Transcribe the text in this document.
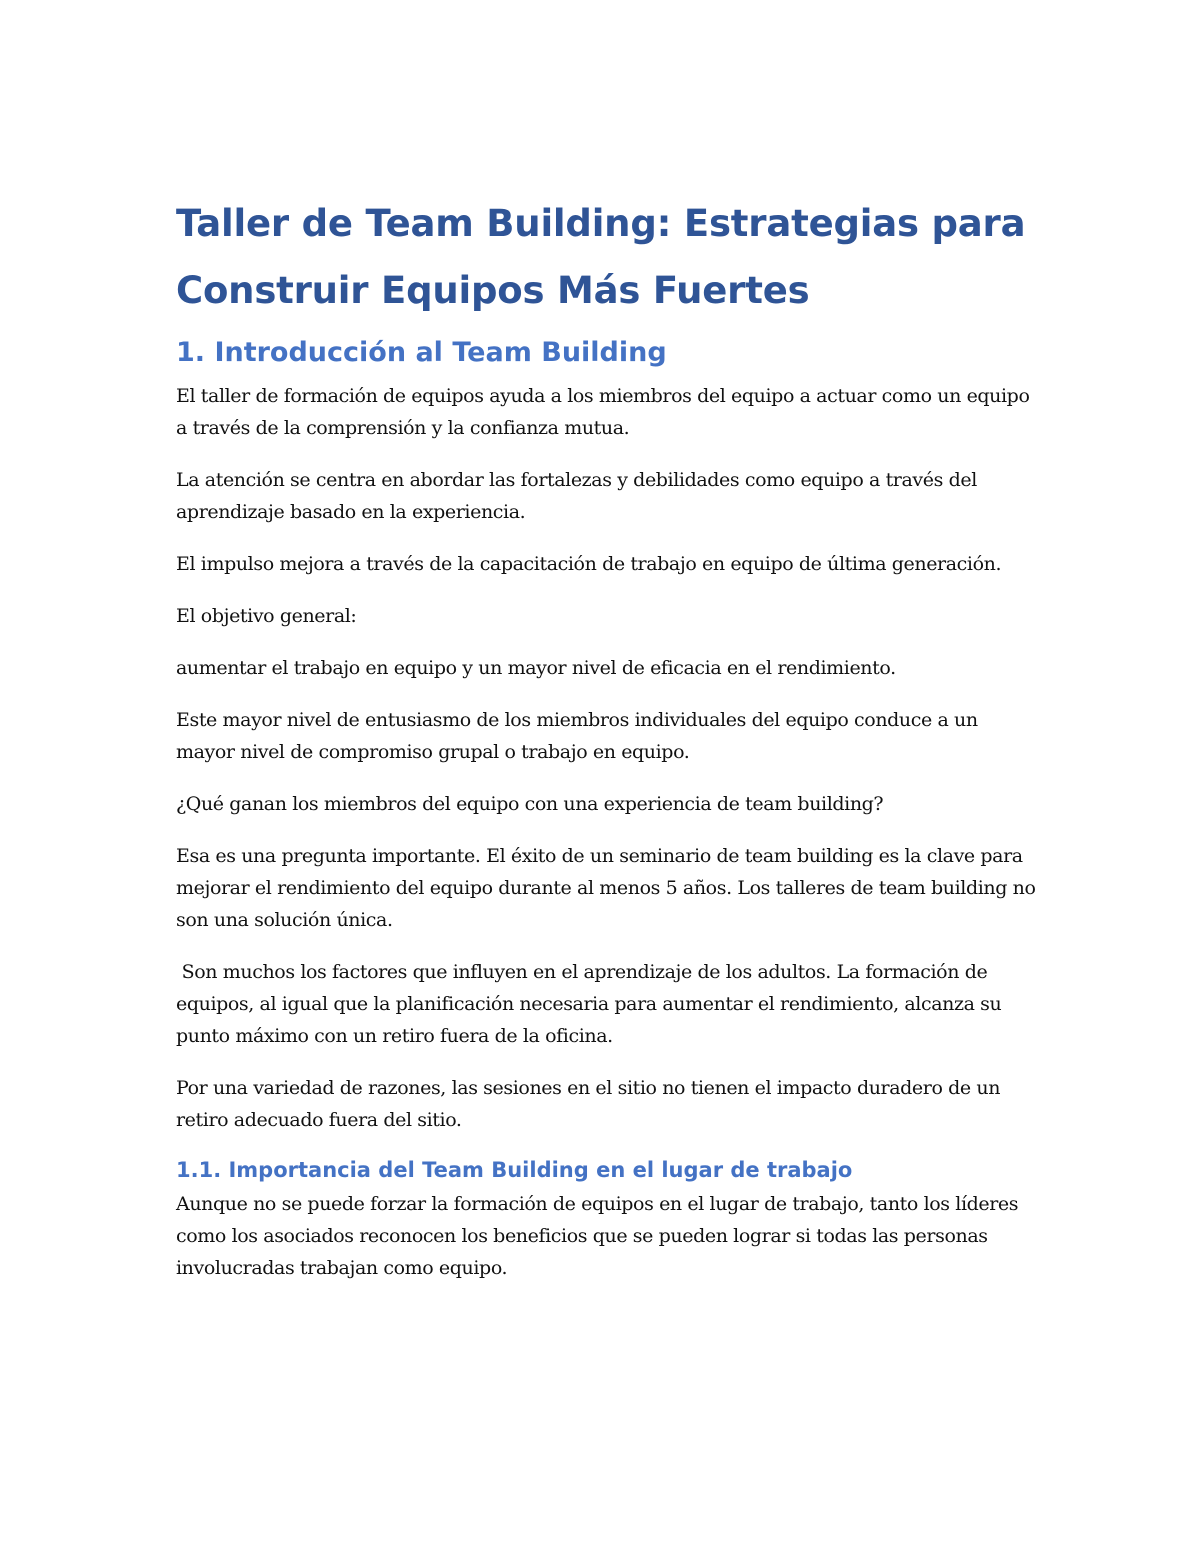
Taller de Team Building: Estrategias para Construir Equipos Más Fuertes
1. Introducción al Team Building

El taller de formación de equipos ayuda a los miembros del equipo a actuar como un equipo a través de la comprensión y la confianza mutua.

La atención se centra en abordar las fortalezas y debilidades como equipo a través del aprendizaje basado en la experiencia.

El impulso mejora a través de la capacitación de trabajo en equipo de última generación.

El objetivo general:

aumentar el trabajo en equipo y un mayor nivel de eficacia en el rendimiento.

Este mayor nivel de entusiasmo de los miembros individuales del equipo conduce a un mayor nivel de compromiso grupal o trabajo en equipo.

¿Qué ganan los miembros del equipo con una experiencia de team building?

Esa es una pregunta importante. El éxito de un seminario de team building es la clave para mejorar el rendimiento del equipo durante al menos 5 años. Los talleres de team building no son una solución única.

Son muchos los factores que influyen en el aprendizaje de los adultos. La formación de equipos, al igual que la planificación necesaria para aumentar el rendimiento, alcanza su punto máximo con un retiro fuera de la oficina.

Por una variedad de razones, las sesiones en el sitio no tienen el impacto duradero de un retiro adecuado fuera del sitio.

1.1. Importancia del Team Building en el lugar de trabajo

Aunque no se puede forzar la formación de equipos en el lugar de trabajo, tanto los líderes como los asociados reconocen los beneficios que se pueden lograr si todas las personas involucradas trabajan como equipo.
